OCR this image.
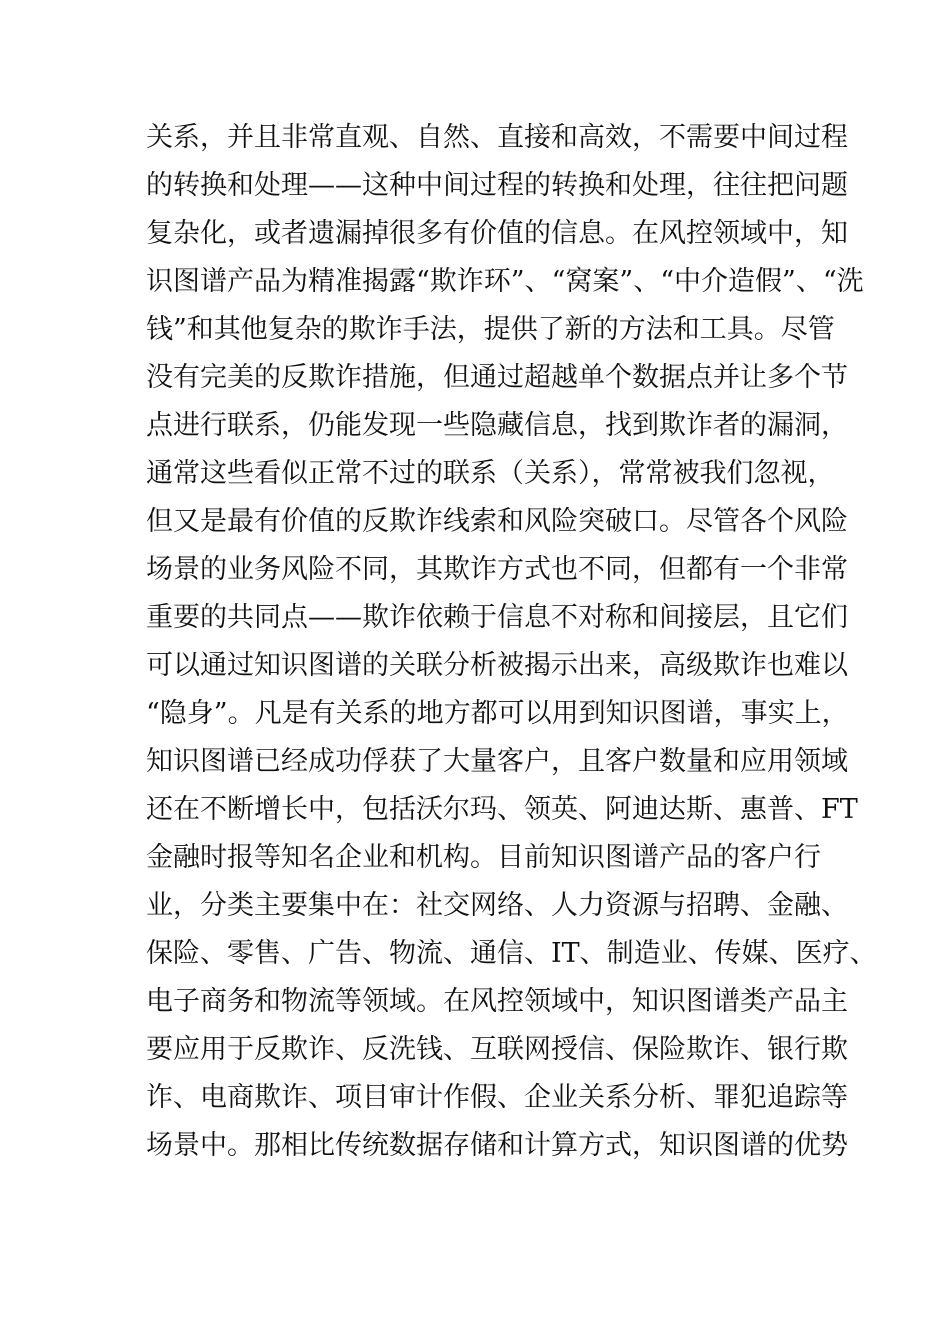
关系，并且非常直观、自然、直接和高效，不需要中间过程
的转换和处理——这种中间过程的转换和处理，往往把问题
复杂化，或者遗漏掉很多有价值的信息。在风控领域中，知
识图谱产品为精准揭露“欺诈环”、“窝案”、“中介造假”、“洗
钱”和其他复杂的欺诈手法，提供了新的方法和工具。尽管
没有完美的反欺诈措施，但通过超越单个数据点并让多个节
点进行联系，仍能发现一些隐藏信息，找到欺诈者的漏洞，
通常这些看似正常不过的联系（关系），常常被我们忽视，
但又是最有价值的反欺诈线索和风险突破口。尽管各个风险
场景的业务风险不同，其欺诈方式也不同，但都有一个非常
重要的共同点——欺诈依赖于信息不对称和间接层，且它们
可以通过知识图谱的关联分析被揭示出来，高级欺诈也难以
“隐身”。凡是有关系的地方都可以用到知识图谱，事实上，
知识图谱已经成功俘获了大量客户，且客户数量和应用领域
还在不断增长中，包括沃尔玛、领英、阿迪达斯、惠普、FT
金融时报等知名企业和机构。目前知识图谱产品的客户行
业，分类主要集中在：社交网络、人力资源与招聘、金融、
保险、零售、广告、物流、通信、IT、制造业、传媒、医疗、
电子商务和物流等领域。在风控领域中，知识图谱类产品主
要应用于反欺诈、反洗钱、互联网授信、保险欺诈、银行欺
诈、电商欺诈、项目审计作假、企业关系分析、罪犯追踪等
场景中。那相比传统数据存储和计算方式，知识图谱的优势
